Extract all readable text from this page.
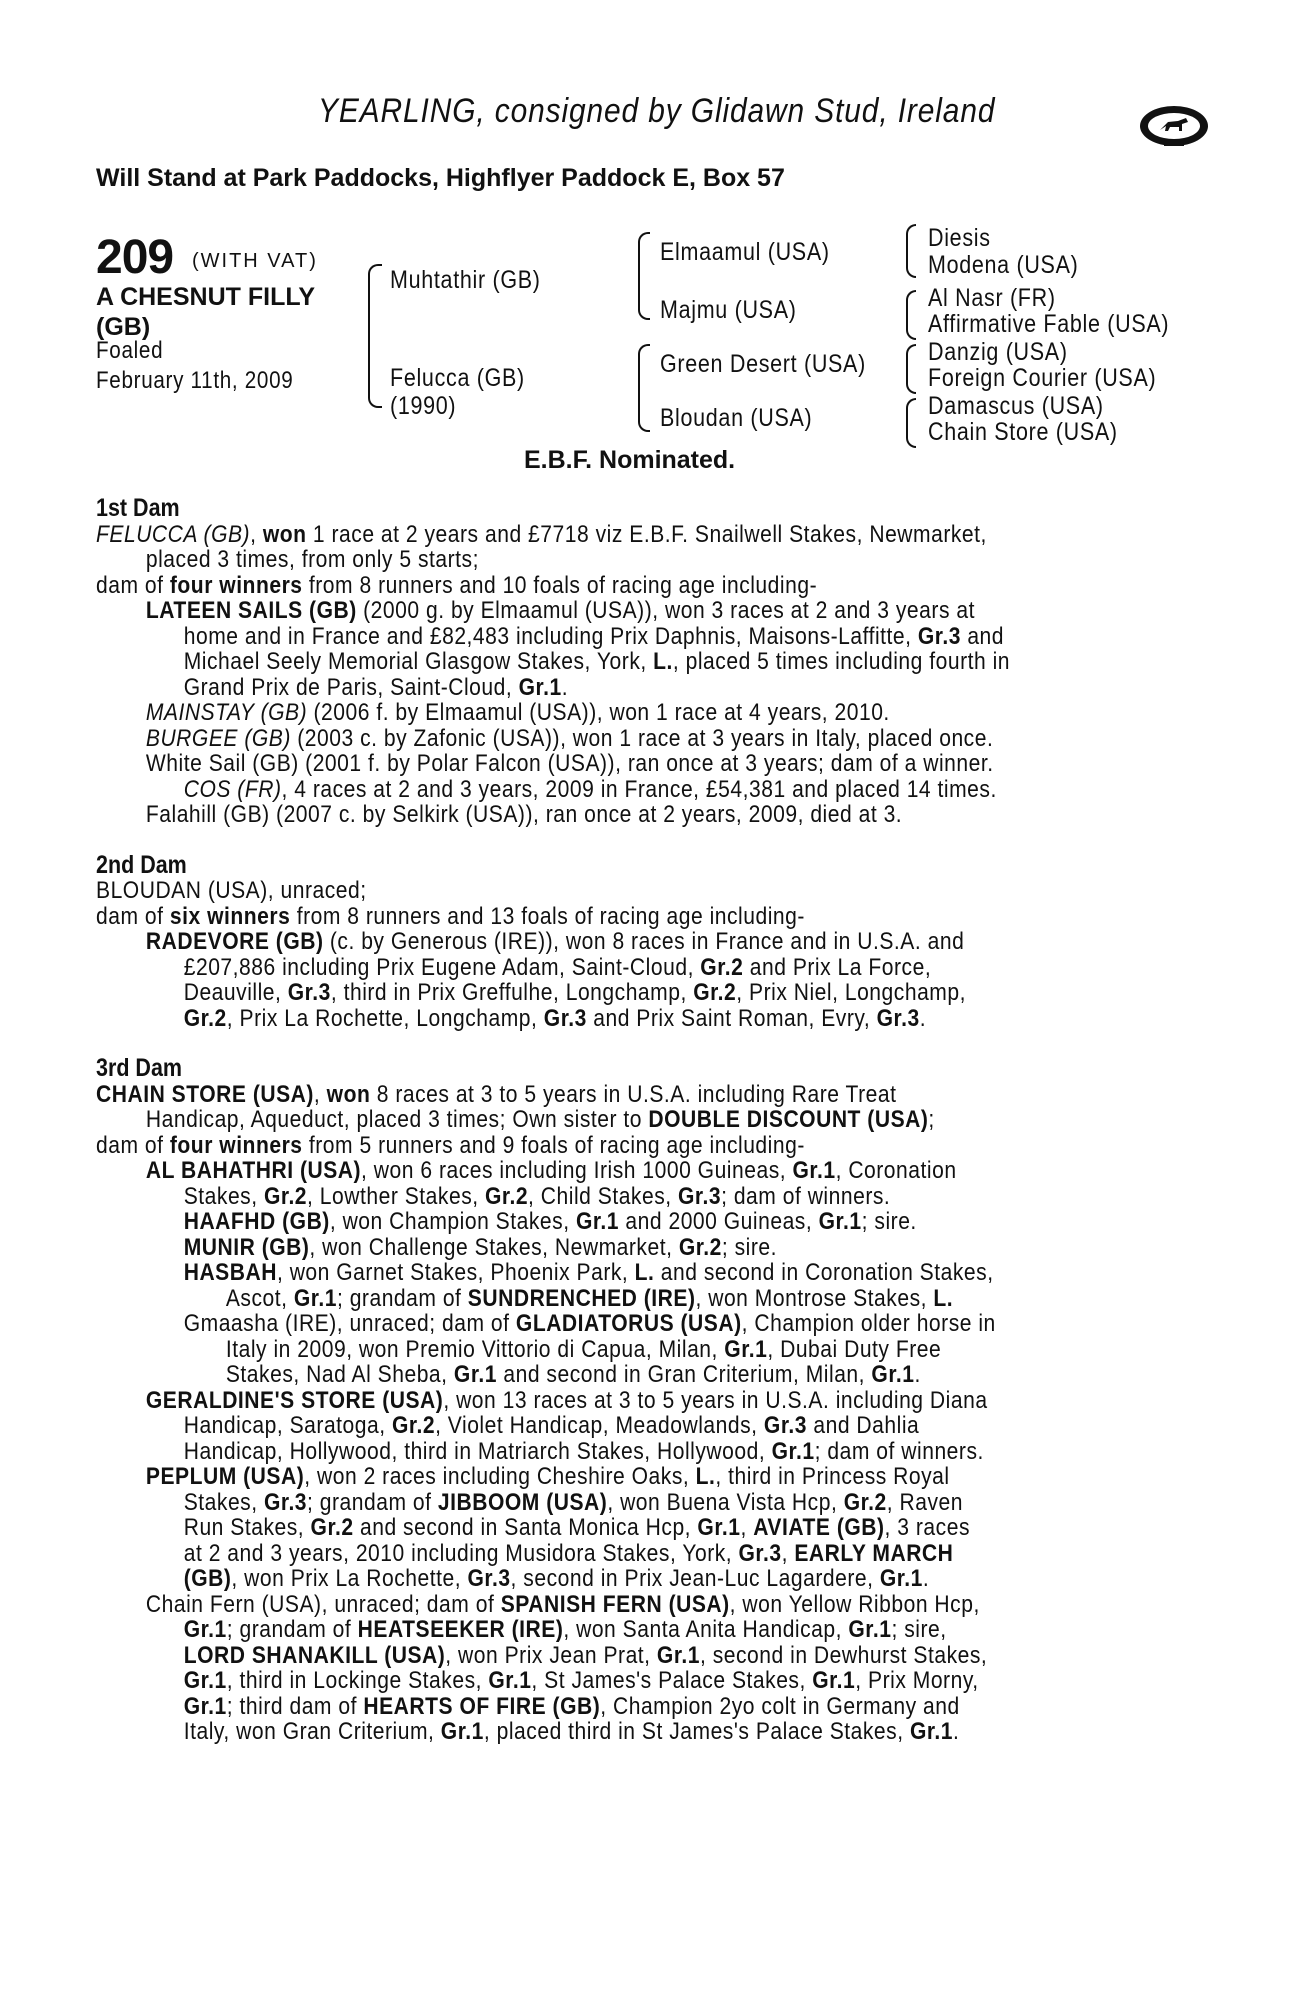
YEARLING, consigned by Glidawn Stud, Ireland
Will Stand at Park Paddocks, Highflyer Paddock E, Box 57
209 (WITH VAT)
A CHESNUT FILLY
(GB)
Foaled
February 11th, 2009
Muhtathir (GB)
Felucca (GB)
(1990)
Elmaamul (USA)
Majmu (USA)
Green Desert (USA)
Bloudan (USA)
Diesis
Modena (USA)
Al Nasr (FR)
Affirmative Fable (USA)
Danzig (USA)
Foreign Courier (USA)
Damascus (USA)
Chain Store (USA)
E.B.F. Nominated.
1st Dam
FELUCCA (GB), won 1 race at 2 years and £7718 viz E.B.F. Snailwell Stakes, Newmarket,
placed 3 times, from only 5 starts;
dam of four winners from 8 runners and 10 foals of racing age including-
LATEEN SAILS (GB) (2000 g. by Elmaamul (USA)), won 3 races at 2 and 3 years at
home and in France and £82,483 including Prix Daphnis, Maisons-Laffitte, Gr.3 and
Michael Seely Memorial Glasgow Stakes, York, L., placed 5 times including fourth in
Grand Prix de Paris, Saint-Cloud, Gr.1.
MAINSTAY (GB) (2006 f. by Elmaamul (USA)), won 1 race at 4 years, 2010.
BURGEE (GB) (2003 c. by Zafonic (USA)), won 1 race at 3 years in Italy, placed once.
White Sail (GB) (2001 f. by Polar Falcon (USA)), ran once at 3 years; dam of a winner.
COS (FR), 4 races at 2 and 3 years, 2009 in France, £54,381 and placed 14 times.
Falahill (GB) (2007 c. by Selkirk (USA)), ran once at 2 years, 2009, died at 3.
2nd Dam
BLOUDAN (USA), unraced;
dam of six winners from 8 runners and 13 foals of racing age including-
RADEVORE (GB) (c. by Generous (IRE)), won 8 races in France and in U.S.A. and
£207,886 including Prix Eugene Adam, Saint-Cloud, Gr.2 and Prix La Force,
Deauville, Gr.3, third in Prix Greffulhe, Longchamp, Gr.2, Prix Niel, Longchamp,
Gr.2, Prix La Rochette, Longchamp, Gr.3 and Prix Saint Roman, Evry, Gr.3.
3rd Dam
CHAIN STORE (USA), won 8 races at 3 to 5 years in U.S.A. including Rare Treat
Handicap, Aqueduct, placed 3 times; Own sister to DOUBLE DISCOUNT (USA);
dam of four winners from 5 runners and 9 foals of racing age including-
AL BAHATHRI (USA), won 6 races including Irish 1000 Guineas, Gr.1, Coronation
Stakes, Gr.2, Lowther Stakes, Gr.2, Child Stakes, Gr.3; dam of winners.
HAAFHD (GB), won Champion Stakes, Gr.1 and 2000 Guineas, Gr.1; sire.
MUNIR (GB), won Challenge Stakes, Newmarket, Gr.2; sire.
HASBAH, won Garnet Stakes, Phoenix Park, L. and second in Coronation Stakes,
Ascot, Gr.1; grandam of SUNDRENCHED (IRE), won Montrose Stakes, L.
Gmaasha (IRE), unraced; dam of GLADIATORUS (USA), Champion older horse in
Italy in 2009, won Premio Vittorio di Capua, Milan, Gr.1, Dubai Duty Free
Stakes, Nad Al Sheba, Gr.1 and second in Gran Criterium, Milan, Gr.1.
GERALDINE'S STORE (USA), won 13 races at 3 to 5 years in U.S.A. including Diana
Handicap, Saratoga, Gr.2, Violet Handicap, Meadowlands, Gr.3 and Dahlia
Handicap, Hollywood, third in Matriarch Stakes, Hollywood, Gr.1; dam of winners.
PEPLUM (USA), won 2 races including Cheshire Oaks, L., third in Princess Royal
Stakes, Gr.3; grandam of JIBBOOM (USA), won Buena Vista Hcp, Gr.2, Raven
Run Stakes, Gr.2 and second in Santa Monica Hcp, Gr.1, AVIATE (GB), 3 races
at 2 and 3 years, 2010 including Musidora Stakes, York, Gr.3, EARLY MARCH
(GB), won Prix La Rochette, Gr.3, second in Prix Jean-Luc Lagardere, Gr.1.
Chain Fern (USA), unraced; dam of SPANISH FERN (USA), won Yellow Ribbon Hcp,
Gr.1; grandam of HEATSEEKER (IRE), won Santa Anita Handicap, Gr.1; sire,
LORD SHANAKILL (USA), won Prix Jean Prat, Gr.1, second in Dewhurst Stakes,
Gr.1, third in Lockinge Stakes, Gr.1, St James's Palace Stakes, Gr.1, Prix Morny,
Gr.1; third dam of HEARTS OF FIRE (GB), Champion 2yo colt in Germany and
Italy, won Gran Criterium, Gr.1, placed third in St James's Palace Stakes, Gr.1.
